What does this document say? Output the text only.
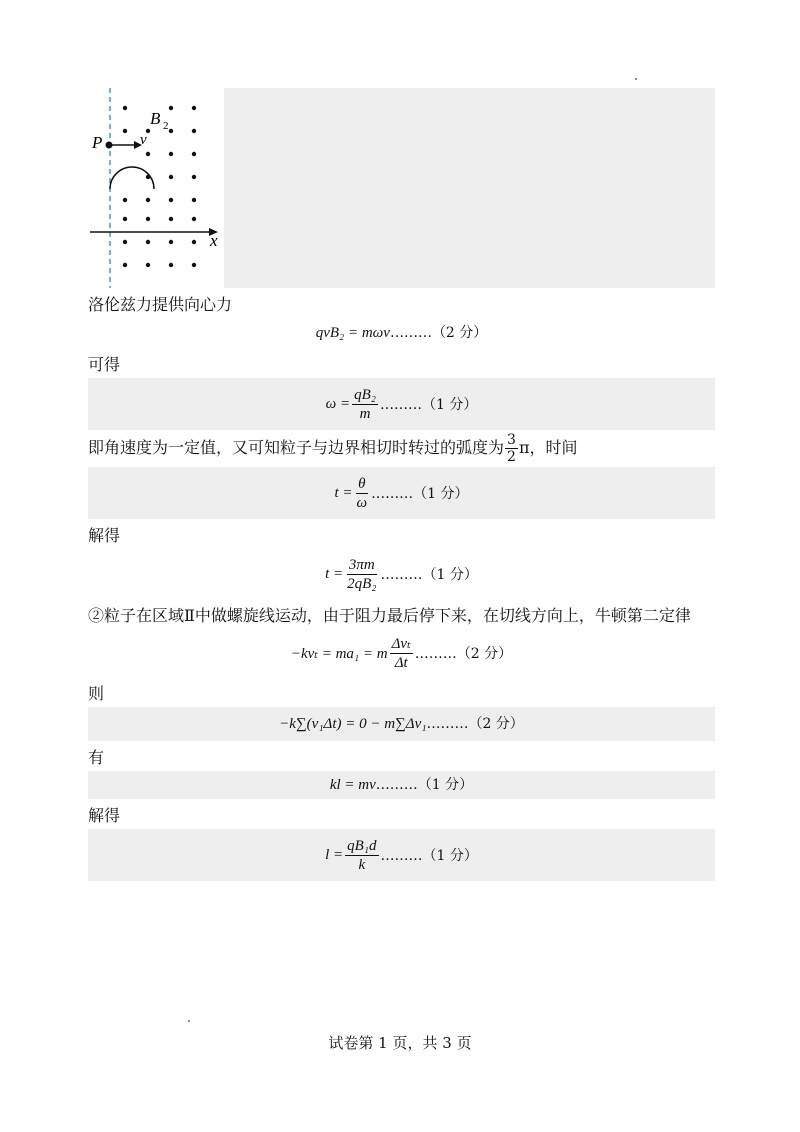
P	v
B 2
x
洛伦兹力提供向心力
qvB₂ = mωv………（2 分）
可得
$\omega = \frac{\text{qB₂}}{m}$ ………（1 分）
即角速度为一定值，又可知粒子与边界相切时转过的弧度为 $\frac{3}{2}$ π，时间
$t = \frac{\theta}{\omega}$ ………（1 分）
解得
$t = \frac{3\pi m}{\text{2qB₂}}$ ………（1 分）
②粒子在区域Ⅱ中做螺旋线运动，由于阻力最后停下来，在切线方向上，牛顿第二定律
−kvₜ = ma₁ = m $\frac{\text{Δvₜ}}{\Delta t}$ ………（2 分）
则
−k∑(v₁Δt) = 0 − m∑Δv₁………（2 分）
有
kl = mv………（1 分）
解得
$l = \frac{\text{qB₁d}}{k}$ ………（1 分）
试卷第 1 页，共 3 页
